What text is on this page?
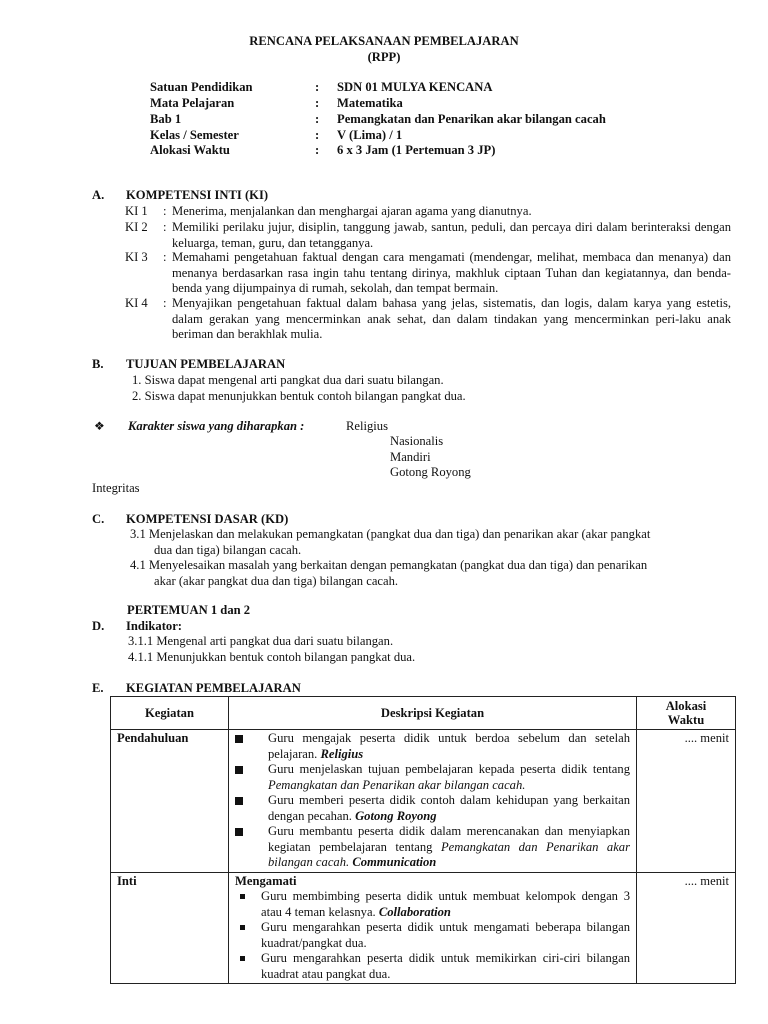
RENCANA PELAKSANAAN PEMBELAJARAN
(RPP)
Satuan Pendidikan	: SDN 01 MULYA KENCANA
Mata Pelajaran	: Matematika
Bab 1	: Pemangkatan dan Penarikan akar bilangan cacah
Kelas / Semester	: V (Lima) / 1
Alokasi Waktu	: 6 x 3 Jam (1 Pertemuan 3 JP)
A. KOMPETENSI INTI (KI)
KI 1 : Menerima, menjalankan dan menghargai ajaran agama yang dianutnya.
KI 2 : Memiliki perilaku jujur, disiplin, tanggung jawab, santun, peduli, dan percaya diri dalam berinteraksi dengan keluarga, teman, guru, dan tetangganya.
KI 3 : Memahami pengetahuan faktual dengan cara mengamati (mendengar, melihat, membaca dan menanya) dan menanya berdasarkan rasa ingin tahu tentang dirinya, makhluk ciptaan Tuhan dan kegiatannya, dan benda-benda yang dijumpainya di rumah, sekolah, dan tempat bermain.
KI 4 : Menyajikan pengetahuan faktual dalam bahasa yang jelas, sistematis, dan logis, dalam karya yang estetis, dalam gerakan yang mencerminkan anak sehat, dan dalam tindakan yang mencerminkan peri-laku anak beriman dan berakhlak mulia.
B. TUJUAN PEMBELAJARAN
1. Siswa dapat mengenal arti pangkat dua dari suatu bilangan.
2. Siswa dapat menunjukkan bentuk contoh bilangan pangkat dua.
❖ Karakter siswa yang diharapkan :	Religius
Nasionalis
Mandiri
Gotong Royong
Integritas
C. KOMPETENSI DASAR (KD)
3.1 Menjelaskan dan melakukan pemangkatan (pangkat dua dan tiga) dan penarikan akar (akar pangkat
dua dan tiga) bilangan cacah.
4.1 Menyelesaikan masalah yang berkaitan dengan pemangkatan (pangkat dua dan tiga) dan penarikan
akar (akar pangkat dua dan tiga) bilangan cacah.
PERTEMUAN 1 dan 2
D. Indikator:
3.1.1 Mengenal arti pangkat dua dari suatu bilangan.
4.1.1 Menunjukkan bentuk contoh bilangan pangkat dua.
E. KEGIATAN PEMBELAJARAN
Kegiatan	Deskripsi Kegiatan	Alokasi Waktu
Pendahuluan	Guru mengajak peserta didik untuk berdoa sebelum dan setelah pelajaran. Religius
Guru menjelaskan tujuan pembelajaran kepada peserta didik tentang Pemangkatan dan Penarikan akar bilangan cacah.
Guru memberi peserta didik contoh dalam kehidupan yang berkaitan dengan pecahan. Gotong Royong
Guru membantu peserta didik dalam merencanakan dan menyiapkan kegiatan pembelajaran tentang Pemangkatan dan Penarikan akar bilangan cacah. Communication	.... menit
Inti	Mengamati
Guru membimbing peserta didik untuk membuat kelompok dengan 3 atau 4 teman kelasnya. Collaboration
Guru mengarahkan peserta didik untuk mengamati beberapa bilangan kuadrat/pangkat dua.
Guru mengarahkan peserta didik untuk memikirkan ciri-ciri bilangan kuadrat atau pangkat dua.	.... menit
